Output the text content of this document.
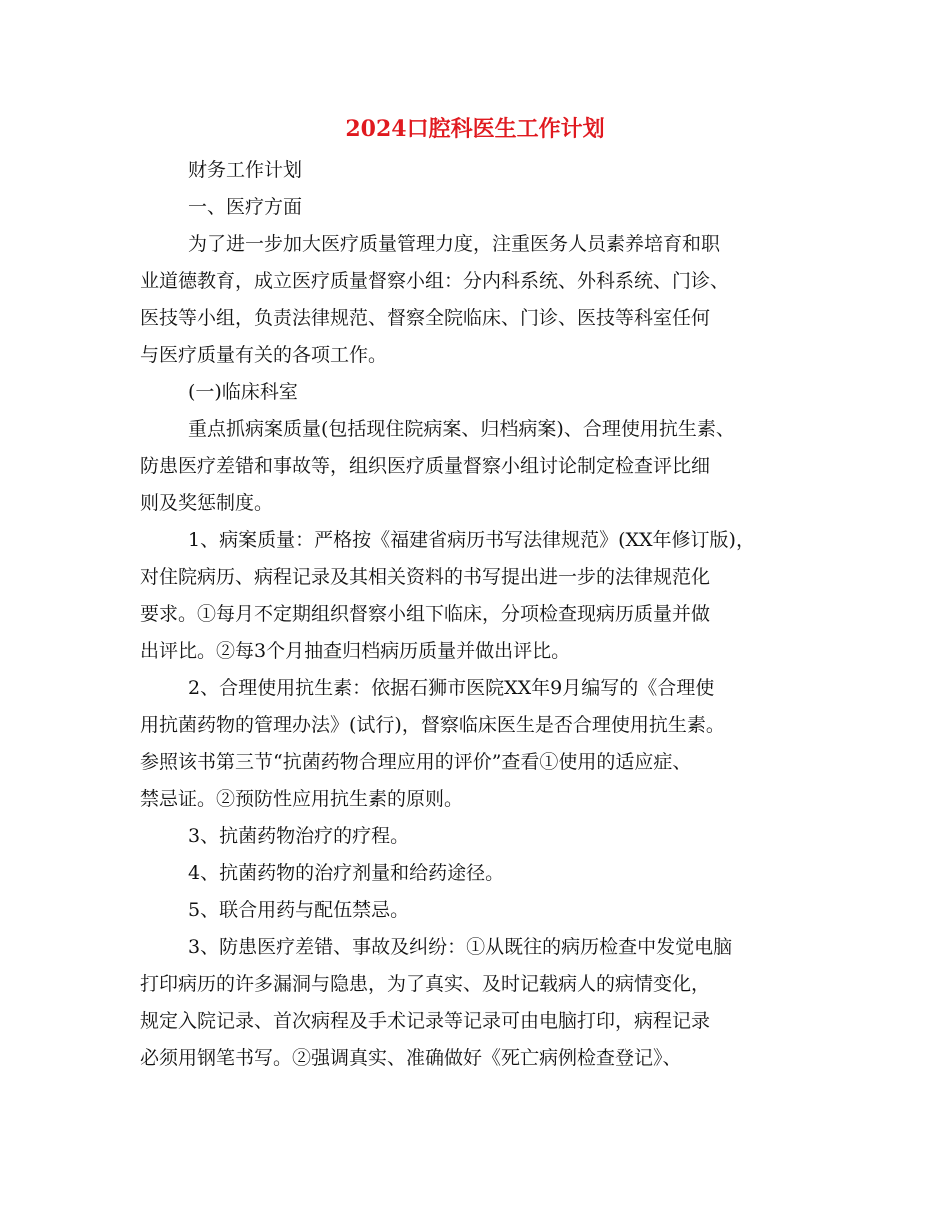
2024口腔科医生工作计划
财务工作计划
一、医疗方面
为了进一步加大医疗质量管理力度，注重医务人员素养培育和职
业道德教育，成立医疗质量督察小组：分内科系统、外科系统、门诊、
医技等小组，负责法律规范、督察全院临床、门诊、医技等科室任何
与医疗质量有关的各项工作。
(一)临床科室
重点抓病案质量(包括现住院病案、归档病案)、合理使用抗生素、
防患医疗差错和事故等，组织医疗质量督察小组讨论制定检查评比细
则及奖惩制度。
1、病案质量：严格按《福建省病历书写法律规范》(XX年修订版)，
对住院病历、病程记录及其相关资料的书写提出进一步的法律规范化
要求。①每月不定期组织督察小组下临床，分项检查现病历质量并做
出评比。②每3个月抽查归档病历质量并做出评比。
2、合理使用抗生素：依据石狮市医院XX年9月编写的《合理使
用抗菌药物的管理办法》(试行)，督察临床医生是否合理使用抗生素。
参照该书第三节“抗菌药物合理应用的评价”查看①使用的适应症、
禁忌证。②预防性应用抗生素的原则。
3、抗菌药物治疗的疗程。
4、抗菌药物的治疗剂量和给药途径。
5、联合用药与配伍禁忌。
3、防患医疗差错、事故及纠纷：①从既往的病历检查中发觉电脑
打印病历的许多漏洞与隐患，为了真实、及时记载病人的病情变化，
规定入院记录、首次病程及手术记录等记录可由电脑打印，病程记录
必须用钢笔书写。②强调真实、准确做好《死亡病例检查登记》、
